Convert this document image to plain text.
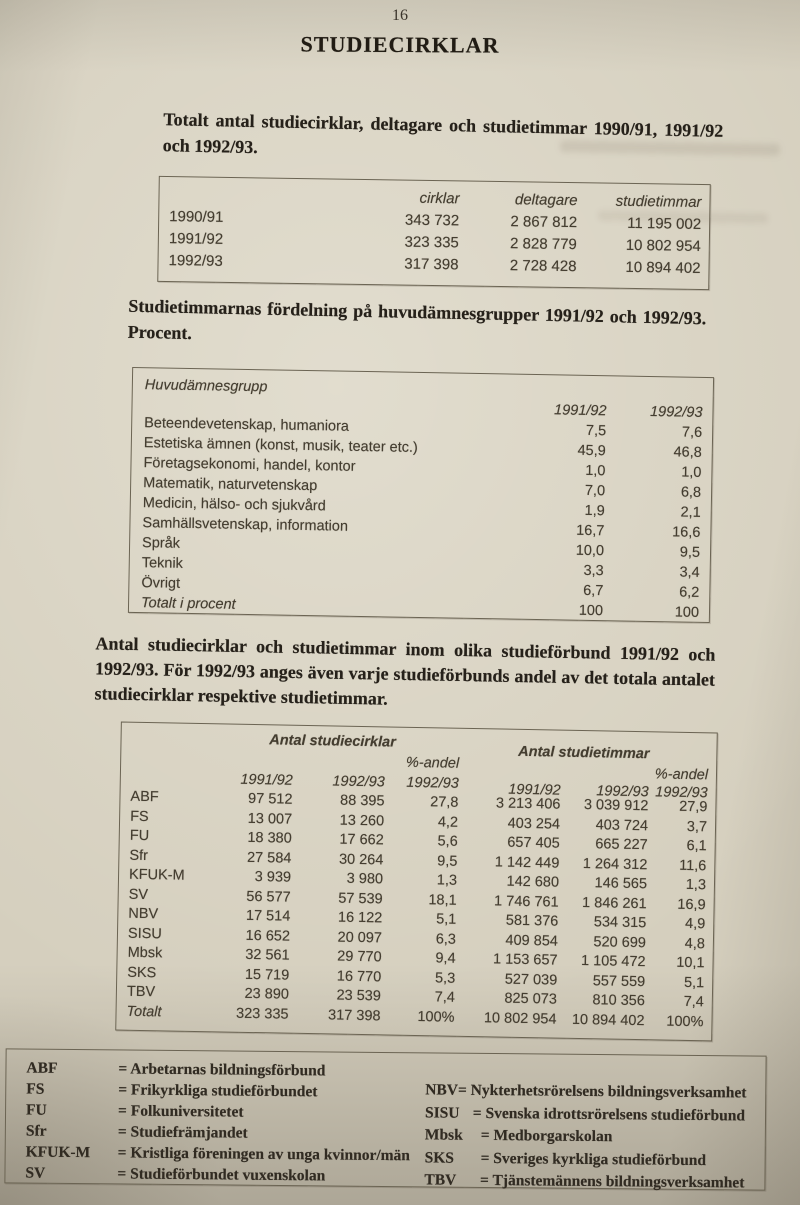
16
STUDIECIRKLAR

Totalt antal studiecirklar, deltagare och studietimmar 1990/91, 1991/92 och 1992/93.

	cirklar	deltagare	studietimmar
1990/91	343 732	2 867 812	11 195 002
1991/92	323 335	2 828 779	10 802 954
1992/93	317 398	2 728 428	10 894 402

Studietimmarnas fördelning på huvudämnesgrupper 1991/92 och 1992/93. Procent.

Huvudämnesgrupp	1991/92	1992/93
Beteendevetenskap, humaniora	7,5	7,6
Estetiska ämnen (konst, musik, teater etc.)	45,9	46,8
Företagsekonomi, handel, kontor	1,0	1,0
Matematik, naturvetenskap	7,0	6,8
Medicin, hälso- och sjukvård	1,9	2,1
Samhällsvetenskap, information	16,7	16,6
Språk	10,0	9,5
Teknik	3,3	3,4
Övrigt	6,7	6,2
Totalt i procent	100	100

Antal studiecirklar och studietimmar inom olika studieförbund 1991/92 och 1992/93. För 1992/93 anges även varje studieförbunds andel av det totala antalet studiecirklar respektive studietimmar.

	Antal studiecirklar			Antal studietimmar		
			%-andel			%-andel
	1991/92	1992/93	1992/93	1991/92	1992/93	1992/93
ABF	97 512	88 395	27,8	3 213 406	3 039 912	27,9
FS	13 007	13 260	4,2	403 254	403 724	3,7
FU	18 380	17 662	5,6	657 405	665 227	6,1
Sfr	27 584	30 264	9,5	1 142 449	1 264 312	11,6
KFUK-M	3 939	3 980	1,3	142 680	146 565	1,3
SV	56 577	57 539	18,1	1 746 761	1 846 261	16,9
NBV	17 514	16 122	5,1	581 376	534 315	4,9
SISU	16 652	20 097	6,3	409 854	520 699	4,8
Mbsk	32 561	29 770	9,4	1 153 657	1 105 472	10,1
SKS	15 719	16 770	5,3	527 039	557 559	5,1
TBV	23 890	23 539	7,4	825 073	810 356	7,4
Totalt	323 335	317 398	100%	10 802 954	10 894 402	100%
ABF	= Arbetarnas bildningsförbund
FS	= Frikyrkliga studieförbundet
FU	= Folkuniversitetet
Sfr	= Studiefrämjandet
KFUK-M	= Kristliga föreningen av unga kvinnor/män
SV	= Studieförbundet vuxenskolan
NBV = Nykterhetsrörelsens bildningsverksamhet
SISU = Svenska idrottsrörelsens studieförbund
Mbsk	= Medborgarskolan
SKS	= Sveriges kyrkliga studieförbund
TBV	= Tjänstemännens bildningsverksamhet
